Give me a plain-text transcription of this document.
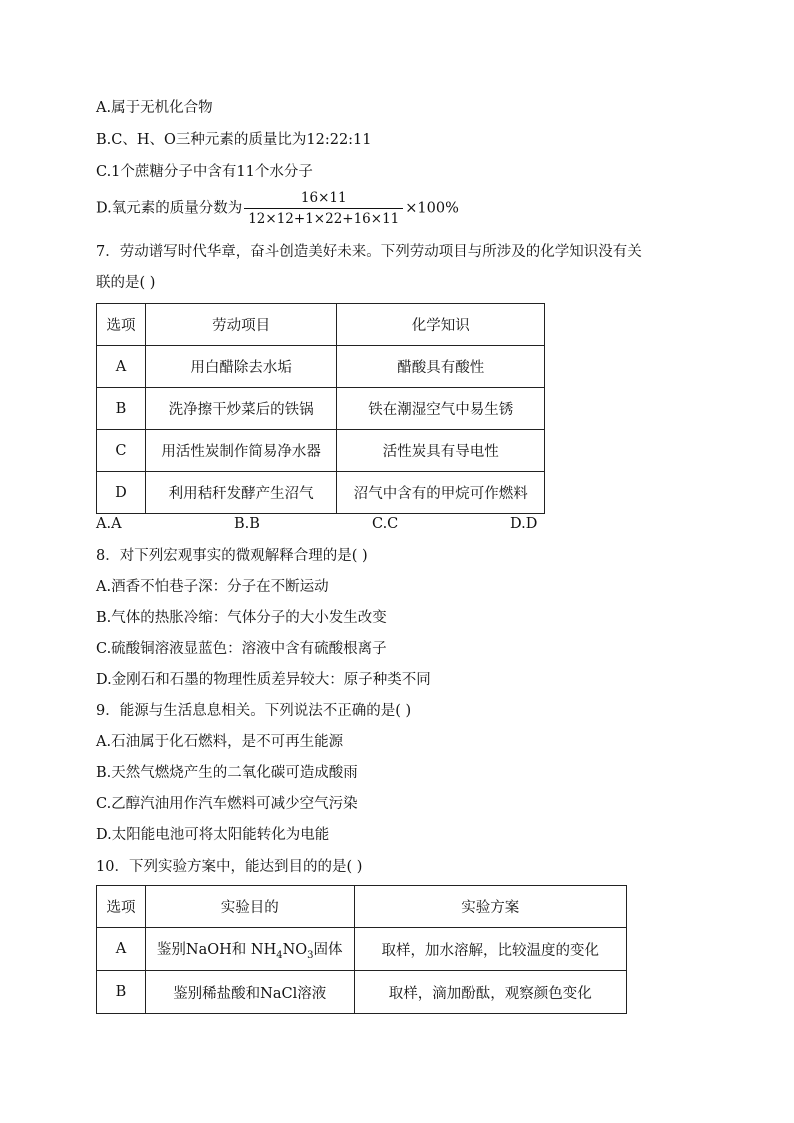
A.属于无机化合物
B.C、H、O三种元素的质量比为12:22:11
C.1个蔗糖分子中含有11个水分子
D.氧元素的质量分数为 $\frac{16\times 11}{12\times 12+1\times 22+16\times 11} \times 100\%$
7．劳动谱写时代华章，奋斗创造美好未来。下列劳动项目与所涉及的化学知识没有关
联的是( )
选项	劳动项目	化学知识
A	用白醋除去水垢	醋酸具有酸性
B	洗净擦干炒菜后的铁锅	铁在潮湿空气中易生锈
C	用活性炭制作简易净水器	活性炭具有导电性
D	利用秸秆发酵产生沼气	沼气中含有的甲烷可作燃料
A.A	B.B	C.C	D.D
8．对下列宏观事实的微观解释合理的是( )
A.酒香不怕巷子深：分子在不断运动
B.气体的热胀冷缩：气体分子的大小发生改变
C.硫酸铜溶液显蓝色：溶液中含有硫酸根离子
D.金刚石和石墨的物理性质差异较大：原子种类不同
9．能源与生活息息相关。下列说法不正确的是( )
A.石油属于化石燃料，是不可再生能源
B.天然气燃烧产生的二氧化碳可造成酸雨
C.乙醇汽油用作汽车燃料可减少空气污染
D.太阳能电池可将太阳能转化为电能
10．下列实验方案中，能达到目的的是( )
选项	实验目的	实验方案
A	鉴别NaOH和 $NH_4NO_3$固体	取样，加水溶解，比较温度的变化
B	鉴别稀盐酸和NaCl溶液	取样，滴加酚酞，观察颜色变化
